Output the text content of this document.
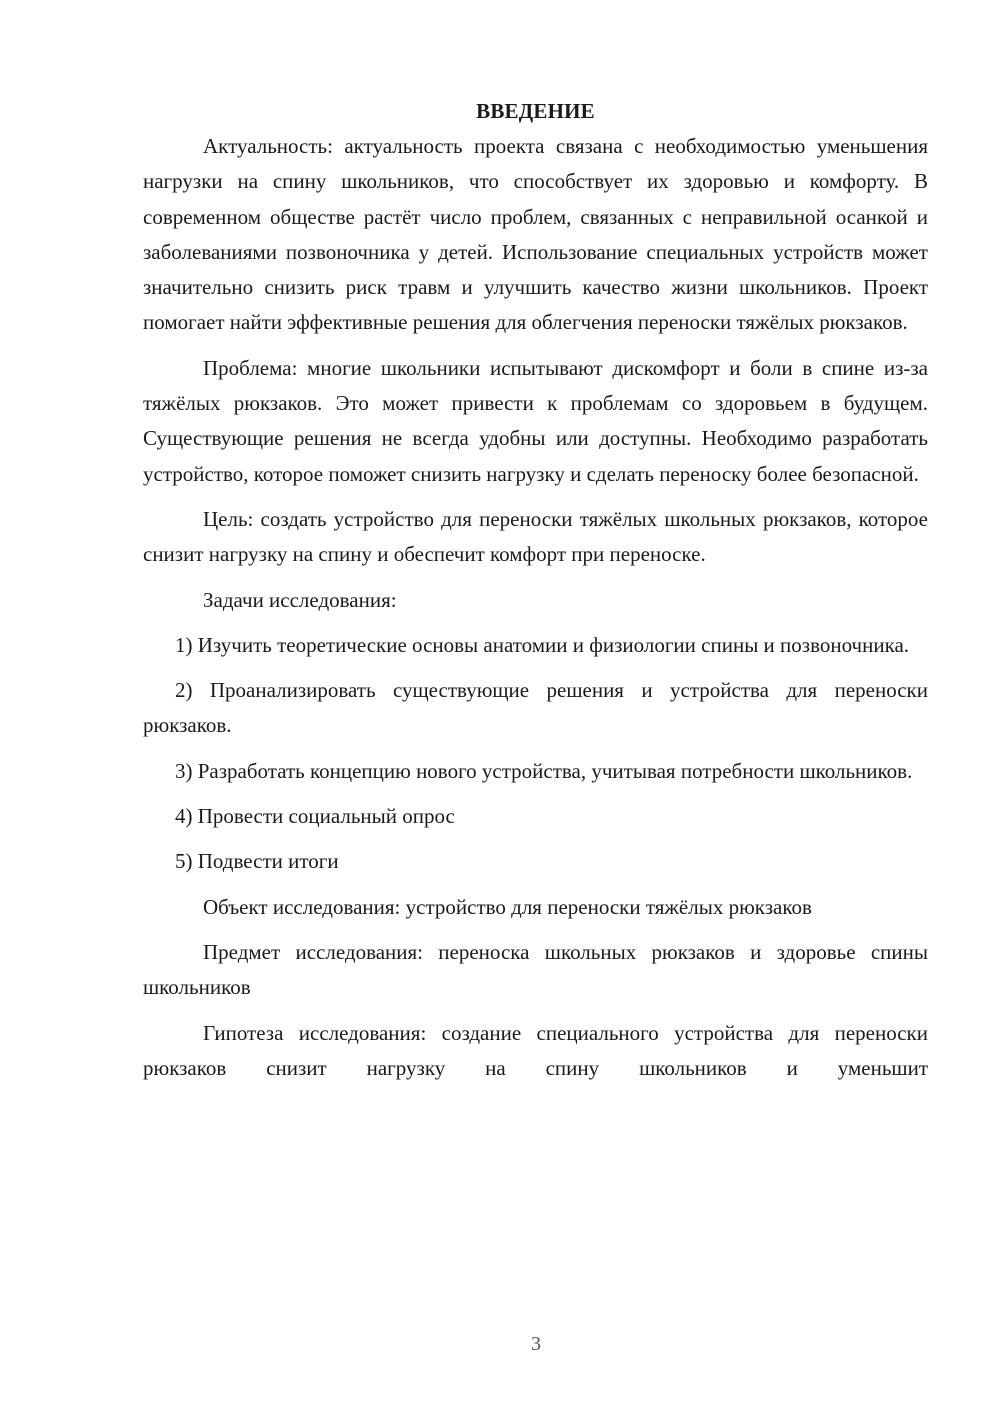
ВВЕДЕНИЕ

Актуальность: актуальность проекта связана с необходимостью уменьшения нагрузки на спину школьников, что способствует их здоровью и комфорту. В современном обществе растёт число проблем, связанных с неправильной осанкой и заболеваниями позвоночника у детей. Использование специальных устройств может значительно снизить риск травм и улучшить качество жизни школьников. Проект помогает найти эффективные решения для облегчения переноски тяжёлых рюкзаков.

Проблема: многие школьники испытывают дискомфорт и боли в спине из-за тяжёлых рюкзаков. Это может привести к проблемам со здоровьем в будущем. Существующие решения не всегда удобны или доступны. Необходимо разработать устройство, которое поможет снизить нагрузку и сделать переноску более безопасной.

Цель: создать устройство для переноски тяжёлых школьных рюкзаков, которое снизит нагрузку на спину и обеспечит комфорт при переноске.

Задачи исследования:

1) Изучить теоретические основы анатомии и физиологии спины и позвоночника.

2) Проанализировать существующие решения и устройства для переноски рюкзаков.

3) Разработать концепцию нового устройства, учитывая потребности школьников.

4) Провести социальный опрос

5) Подвести итоги

Объект исследования: устройство для переноски тяжёлых рюкзаков

Предмет исследования: переноска школьных рюкзаков и здоровье спины школьников

Гипотеза исследования: создание специального устройства для переноски рюкзаков снизит нагрузку на спину школьников и уменьшит

3
